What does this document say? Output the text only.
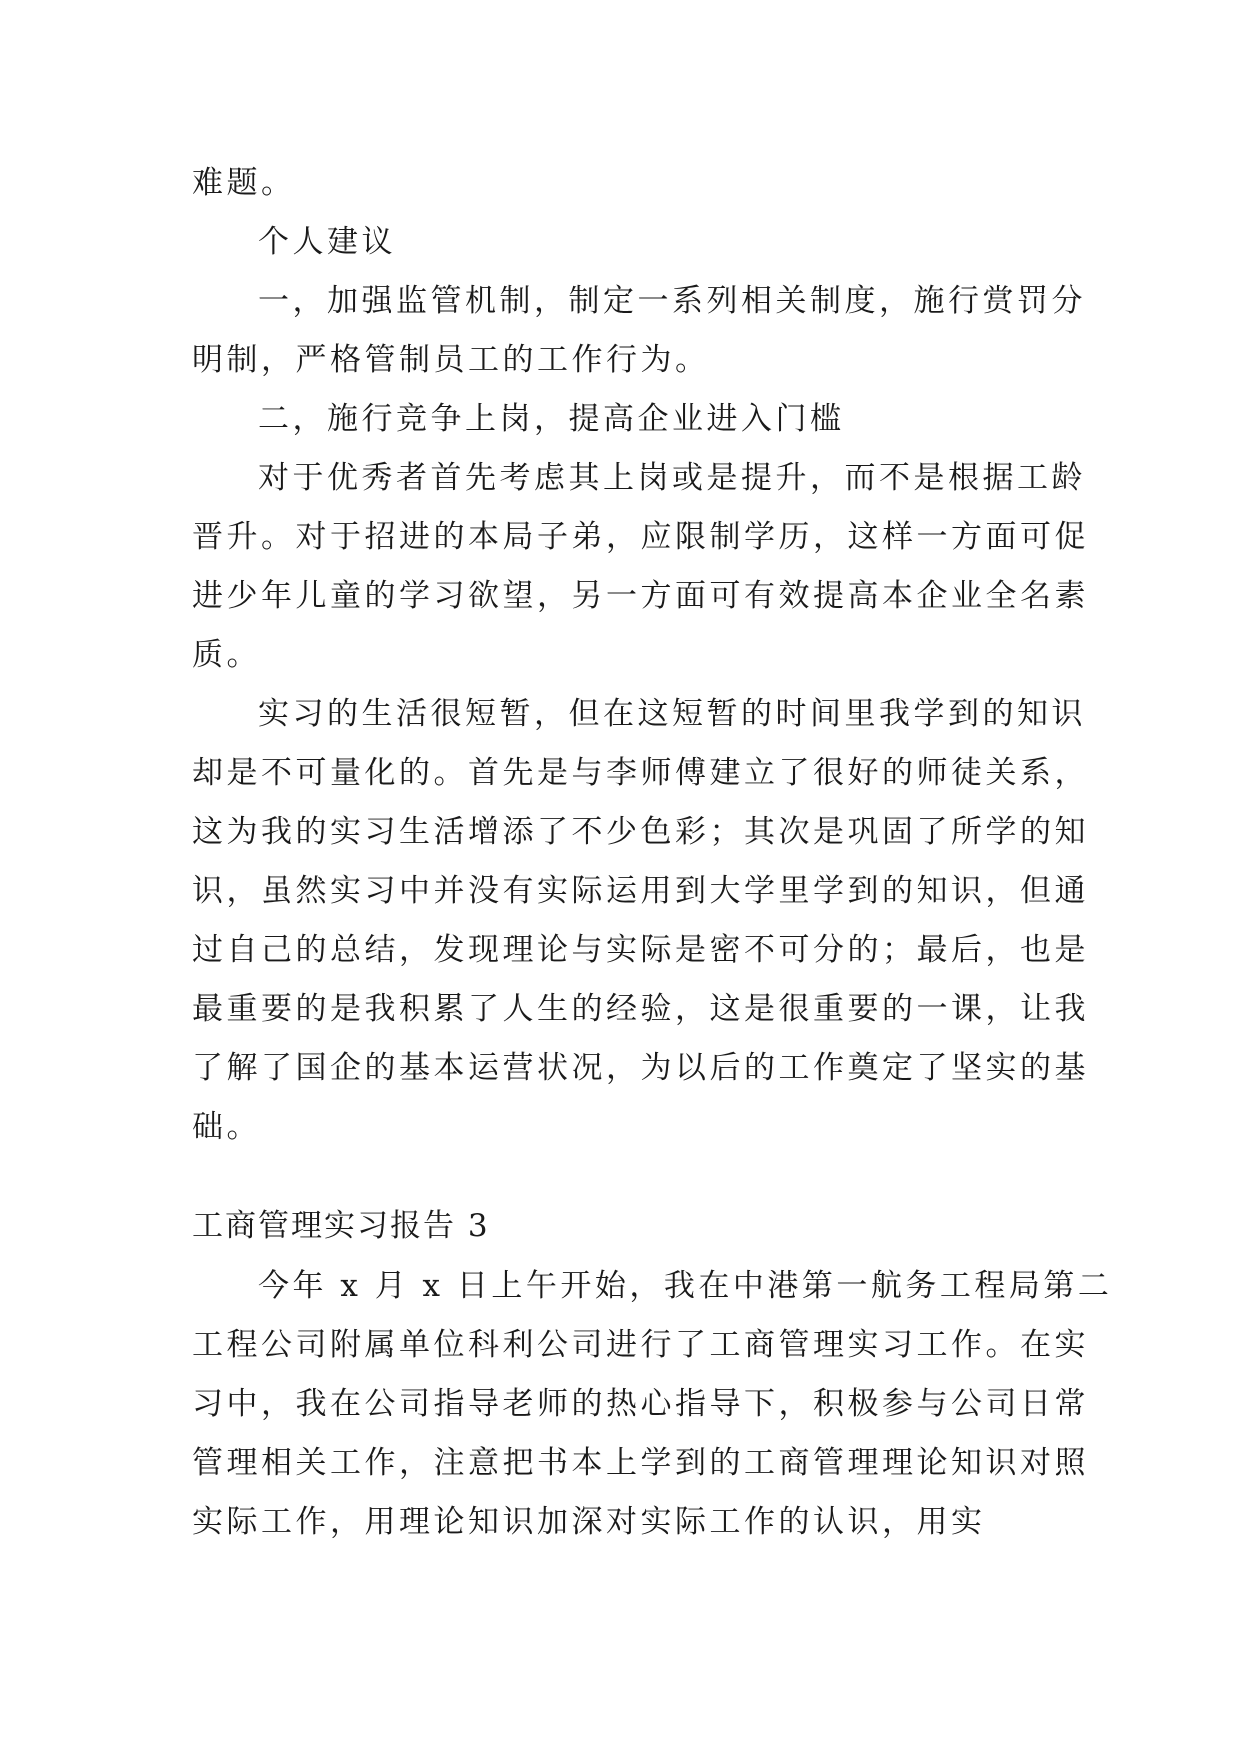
难题。
个人建议
一，加强监管机制，制定一系列相关制度，施行赏罚分
明制，严格管制员工的工作行为。
二，施行竞争上岗，提高企业进入门槛
对于优秀者首先考虑其上岗或是提升，而不是根据工龄
晋升。对于招进的本局子弟，应限制学历，这样一方面可促
进少年儿童的学习欲望，另一方面可有效提高本企业全名素
质。
实习的生活很短暂，但在这短暂的时间里我学到的知识
却是不可量化的。首先是与李师傅建立了很好的师徒关系，
这为我的实习生活增添了不少色彩；其次是巩固了所学的知
识，虽然实习中并没有实际运用到大学里学到的知识，但通
过自己的总结，发现理论与实际是密不可分的；最后，也是
最重要的是我积累了人生的经验，这是很重要的一课，让我
了解了国企的基本运营状况，为以后的工作奠定了坚实的基
础。
工商管理实习报告 3
今年 x 月 x 日上午开始，我在中港第一航务工程局第二
工程公司附属单位科利公司进行了工商管理实习工作。在实
习中，我在公司指导老师的热心指导下，积极参与公司日常
管理相关工作，注意把书本上学到的工商管理理论知识对照
实际工作，用理论知识加深对实际工作的认识，用实
